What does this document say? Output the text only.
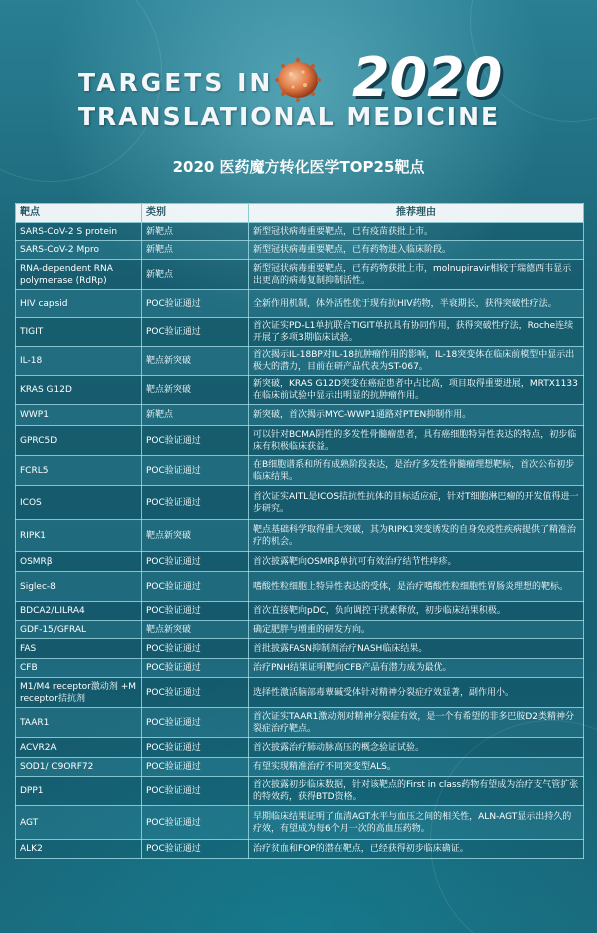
TARGETS IN 2020
TRANSLATIONAL MEDICINE
2020 医药魔方转化医学TOP25靶点
靶点	类别	推荐理由
SARS-CoV-2 S protein	新靶点	新型冠状病毒重要靶点，已有疫苗获批上市。
SARS-CoV-2 Mpro	新靶点	新型冠状病毒重要靶点，已有药物进入临床阶段。
RNA-dependent RNA polymerase (RdRp)	新靶点	新型冠状病毒重要靶点，已有药物获批上市，molnupiravir相较于瑞德西韦显示出更高的病毒复制抑制活性。
HIV capsid	POC验证通过	全新作用机制，体外活性优于现有抗HIV药物，半衰期长，获得突破性疗法。
TIGIT	POC验证通过	首次证实PD-L1单抗联合TIGIT单抗具有协同作用，获得突破性疗法，Roche连续开展了多项3期临床试验。
IL-18	靶点新突破	首次揭示IL-18BP对IL-18抗肿瘤作用的影响，IL-18突变体在临床前模型中显示出极大的潜力，目前在研产品代表为ST-067。
KRAS G12D	靶点新突破	新突破，KRAS G12D突变在癌症患者中占比高，项目取得重要进展，MRTX1133在临床前试验中显示出明显的抗肿瘤作用。
WWP1	新靶点	新突破，首次揭示MYC-WWP1通路对PTEN抑制作用。
GPRC5D	POC验证通过	可以针对BCMA阴性的多发性骨髓瘤患者，具有癌细胞特异性表达的特点，初步临床有积极临床获益。
FCRL5	POC验证通过	在B细胞谱系和所有成熟阶段表达，是治疗多发性骨髓瘤理想靶标，首次公布初步临床结果。
ICOS	POC验证通过	首次证实AITL是ICOS拮抗性抗体的目标适应症，针对T细胞淋巴瘤的开发值得进一步研究。
RIPK1	靶点新突破	靶点基础科学取得重大突破，其为RIPK1突变诱发的自身免疫性疾病提供了精准治疗的机会。
OSMRβ	POC验证通过	首次披露靶向OSMRβ单抗可有效治疗结节性痒疹。
Siglec-8	POC验证通过	嗜酸性粒细胞上特异性表达的受体，是治疗嗜酸性粒细胞性胃肠炎理想的靶标。
BDCA2/LILRA4	POC验证通过	首次直接靶向pDC，负向调控干扰素释放，初步临床结果积极。
GDF-15/GFRAL	靶点新突破	确定肥胖与增重的研发方向。
FAS	POC验证通过	首批披露FASN抑制剂治疗NASH临床结果。
CFB	POC验证通过	治疗PNH结果证明靶向CFB产品有潜力成为最优。
M1/M4 receptor激动剂 +M receptor拮抗剂	POC验证通过	选择性激活脑部毒蕈碱受体针对精神分裂症疗效显著，副作用小。
TAAR1	POC验证通过	首次证实TAAR1激动剂对精神分裂症有效，是一个有希望的非多巴胺D2类精神分裂症治疗靶点。
ACVR2A	POC验证通过	首次披露治疗肺动脉高压的概念验证试验。
SOD1/ C9ORF72	POC验证通过	有望实现精准治疗不同突变型ALS。
DPP1	POC验证通过	首次披露初步临床数据，针对该靶点的First in class药物有望成为治疗支气管扩张的特效药，获得BTD资格。
AGT	POC验证通过	早期临床结果证明了血清AGT水平与血压之间的相关性，ALN-AGT显示出持久的疗效，有望成为每6个月一次的高血压药物。
ALK2	POC验证通过	治疗贫血和FOP的潜在靶点，已经获得初步临床确证。
